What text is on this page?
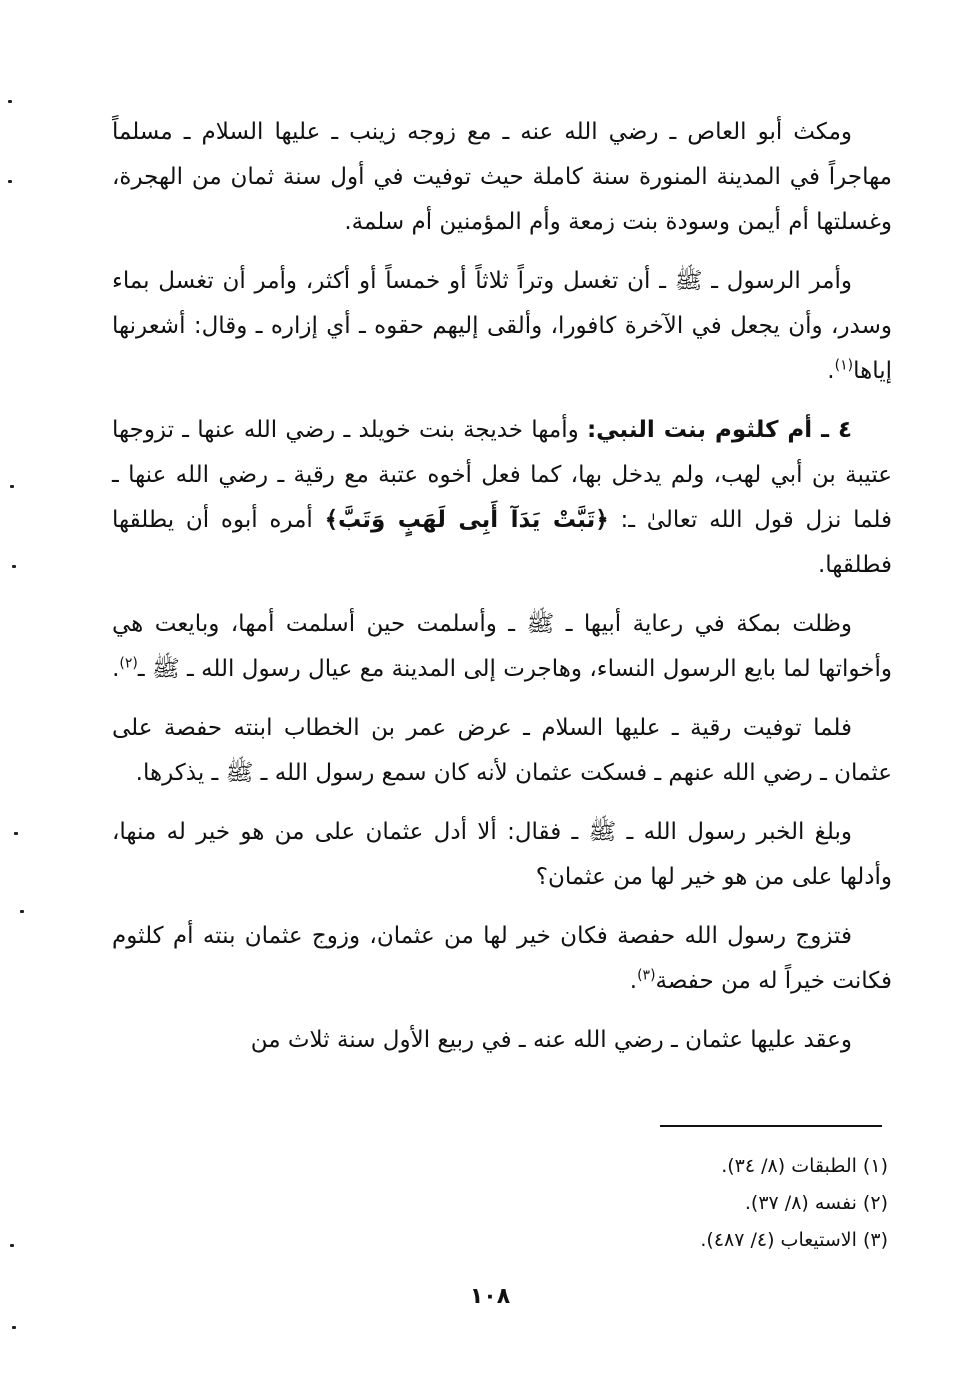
ومكث أبو العاص ـ رضي الله عنه ـ مع زوجه زينب ـ عليها السلام ـ مسلماً مهاجراً في المدينة المنورة سنة كاملة حيث توفيت في أول سنة ثمان من الهجرة، وغسلتها أم أيمن وسودة بنت زمعة وأم المؤمنين أم سلمة.

وأمر الرسول ـ ﷺ ـ أن تغسل وتراً ثلاثاً أو خمساً أو أكثر، وأمر أن تغسل بماء وسدر، وأن يجعل في الآخرة كافورا، وألقى إليهم حقوه ـ أي إزاره ـ وقال: أشعرنها إياها$^{(١)}$.

٤ ـ أم كلثوم بنت النبي: وأمها خديجة بنت خويلد ـ رضي الله عنها ـ تزوجها عتيبة بن أبي لهب، ولم يدخل بها، كما فعل أخوه عتبة مع رقية ـ رضي الله عنها ـ فلما نزل قول الله تعالىٰ ـ: ﴿تَبَّتْ يَدَآ أَبِى لَهَبٍ وَتَبَّ﴾ أمره أبوه أن يطلقها فطلقها.

وظلت بمكة في رعاية أبيها ـ ﷺ ـ وأسلمت حين أسلمت أمها، وبايعت هي وأخواتها لما بايع الرسول النساء، وهاجرت إلى المدينة مع عيال رسول الله ـ ﷺ ـ$^{(٢)}$.

فلما توفيت رقية ـ عليها السلام ـ عرض عمر بن الخطاب ابنته حفصة على عثمان ـ رضي الله عنهم ـ فسكت عثمان لأنه كان سمع رسول الله ـ ﷺ ـ يذكرها.

وبلغ الخبر رسول الله ـ ﷺ ـ فقال: ألا أدل عثمان على من هو خير له منها، وأدلها على من هو خير لها من عثمان؟

فتزوج رسول الله حفصة فكان خير لها من عثمان، وزوج عثمان بنته أم كلثوم فكانت خيراً له من حفصة$^{(٣)}$.

وعقد عليها عثمان ـ رضي الله عنه ـ في ربيع الأول سنة ثلاث من

(١) الطبقات (٨/ ٣٤).
(٢) نفسه (٨/ ٣٧).
(٣) الاستيعاب (٤/ ٤٨٧).
١٠٨
